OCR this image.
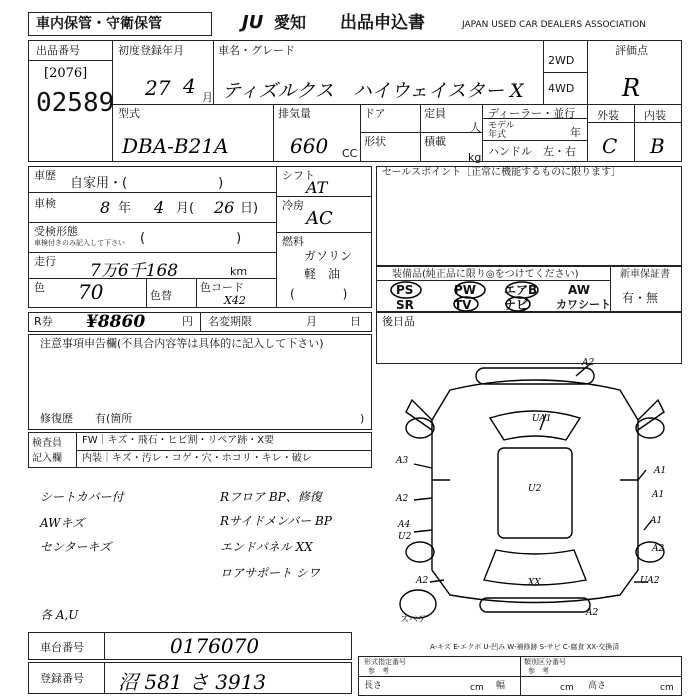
車内保管・守衛保管	JU 愛知 出品申込書	JAPAN USED CAR DEALERS ASSOCIATION
出品番号
[2076]
02589
初度登録年月
27 4 月
車名・グレード
ティズルクス　ハイウェイスター X
2WD
4WD
評価点
R
外装 内装
C B
型式
DBA-B21A
排気量
660 CC
ドア
形状
定員
人
積載
kg
ディーラー・並行
モデル
年式	年
ハンドル　左・右
車歴
自家用・(　　　　　　　)
車検	8 年 4 月( 26 日)
受検形態
車検付きのみ記入して下さい (　　　　　　　)
走行 7万6千168	km
色 70	色替
色コード
X42
シフト
AT
冷房
AC
燃料
ガソリン
軽　油
(　　　　)
セールスポイント［正常に機能するものに限ります］
装備品(純正品に限り◎をつけてください)
PS	PW エアB	AW
SR	TV	ナビ	カワシート
新車保証書
有・無
R券 ¥8860	円 名変期限	月	日 後日品
注意事項申告欄(不具合内容等は具体的に記入して下さい)
修復歴　　有(箇所	)
検査員
記入欄
FW｜キズ・飛石・ヒビ割・リペア跡・X要
内装｜キズ・汚レ・コゲ・穴・ホコリ・キレ・破レ
シートカバー付
AWキズ
センターキズ
各 A,U
Rフロア BP、修復
Rサイドメンバー BP
エンドパネル XX
ロアサポート シワ
A2
UA1
A1
U2
A3
A1
A2
A1
A4
U2
A2
A2	XX	UA2
A2
スペア
A-キズ E-エクボ U-凹み W-補修跡 S-サビ C-腐食 XX-交換済
車台番号	0176070
登録番号 沼 581 さ 3913
形式指定番号	類別区分番号
参　考	参　考
長さ	cm 幅	cm 高さ	cm
